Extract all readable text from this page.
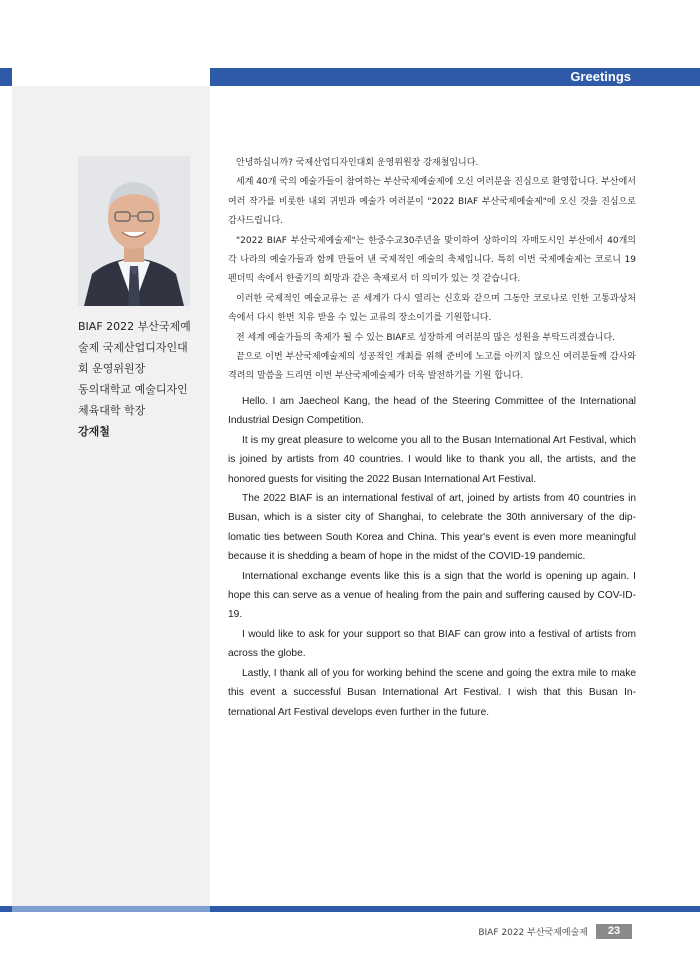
Greetings
BIAF 2022 부산국제예
술제 국제산업디자인대
회 운영위원장
동의대학교 예술디자인
체육대학 학장
강재철

안녕하십니까? 국제산업디자인대회 운영위원장 강재철입니다.

세계 40개 국의 예술가들이 참여하는 부산국제예술제에 오신 여러분을 진심으로 환영합니다. 부산에서 여러 작가를 비롯한 내외 귀빈과 예술가 여러분이 "2022 BIAF 부산국제예술제"에 오신 것을 진심으로 감사드립니다.

"2022 BIAF 부산국제예술제"는 한중수교30주년을 맞이하여 상하이의 자매도시인 부산에서 40개의 각 나라의 예술가들과 함께 만들어 낸 국제적인 예술의 축제입니다. 특히 이번 국제예술제는 코로니 19 펜더믹 속에서 한줄기의 희망과 같은 축제로서 더 의미가 있는 것 같습니다.

이러한 국제적인 예술교류는 곧 세계가 다시 열리는 신호와 같으며 그동안 코로나로 인한 고통과상처 속에서 다시 한번 치유 받을 수 있는 교류의 장소이기를 기원합니다.

전 세계 예술가들의 축제가 될 수 있는 BIAF로 성장하게 여러분의 많은 성원을 부탁드리겠습니다.

끝으로 이번 부산국제예술제의 성공적인 개최를 위해 준비에 노고를 아끼지 않으신 여러분들께 감사와 격려의 말씀을 드리면 이번 부산국제예술제가 더욱 발전하기를 기원 합니다.

Hello. I am Jaecheol Kang, the head of the Steering Committee of the International Industrial Design Competition.

It is my great pleasure to welcome you all to the Busan International Art Festival, which is joined by artists from 40 countries. I would like to thank you all, the artists, and the honored guests for visiting the 2022 Busan International Art Festival.

The 2022 BIAF is an international festival of art, joined by artists from 40 countries in Busan, which is a sister city of Shanghai, to celebrate the 30th anniversary of the dip-lomatic ties between South Korea and China. This year's event is even more meaningful because it is shedding a beam of hope in the midst of the COVID-19 pandemic.

International exchange events like this is a sign that the world is opening up again. I hope this can serve as a venue of healing from the pain and suffering caused by COV-ID-19.

I would like to ask for your support so that BIAF can grow into a festival of artists from across the globe.

Lastly, I thank all of you for working behind the scene and going the extra mile to make this event a successful Busan International Art Festival. I wish that this Busan In-ternational Art Festival develops even further in the future.

BIAF 2022 부산국제예술제	23
